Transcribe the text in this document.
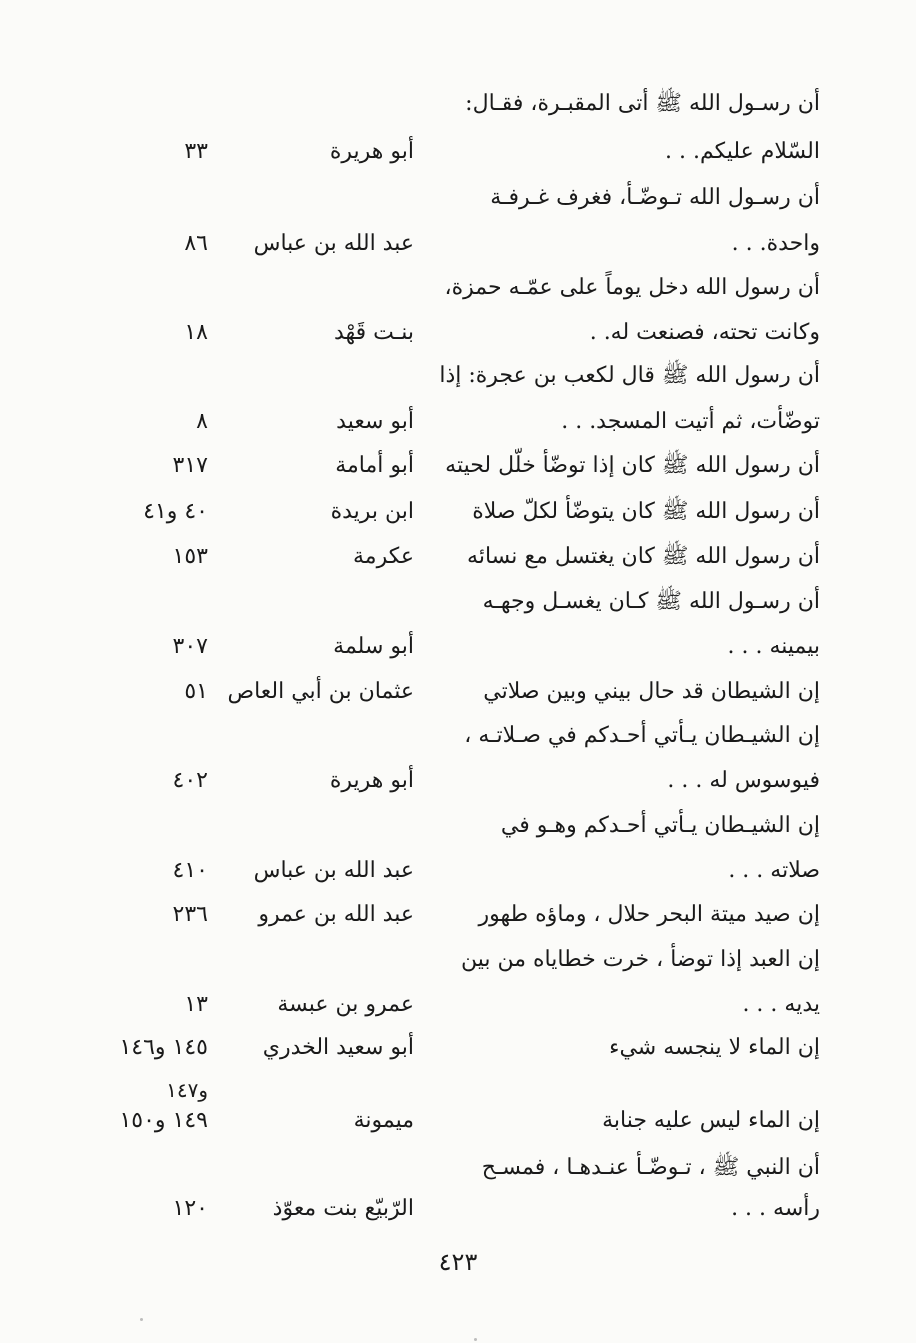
أن رسـول الله ﷺ أتى المقبـرة، فقـال:
السّلام عليكم. . .
أبو هريرة
٣٣
أن رسـول الله تـوضّـأ، فغرف غـرفـة
واحدة. . .
عبد الله بن عباس
٨٦
أن رسول الله دخل يوماً على عمّـه حمزة،
وكانت تحته، فصنعت له. .
بنـت قَهْد
١٨
أن رسول الله ﷺ قال لكعب بن عجرة: إذا
توضّأت، ثم أتيت المسجد. . .
أبو سعيد
٨
أن رسول الله ﷺ كان إذا توضّأ خلّل لحيته
أبو أمامة
٣١٧
أن رسول الله ﷺ كان يتوضّأ لكلّ صلاة
ابن بريدة
٤٠ و٤١
أن رسول الله ﷺ كان يغتسل مع نسائه
عكرمة
١٥٣
أن رسـول الله ﷺ كـان يغسـل وجهـه
بيمينه . . .
أبو سلمة
٣٠٧
إن الشيطان قد حال بيني وبين صلاتي
عثمان بن أبي العاص
٥١
إن الشيـطان يـأتي أحـدكم في صـلاتـه ،
فيوسوس له . . .
أبو هريرة
٤٠٢
إن الشيـطان يـأتي أحـدكم وهـو في
صلاته . . .
عبد الله بن عباس
٤١٠
إن صيد ميتة البحر حلال ، وماؤه طهور
عبد الله بن عمرو
٢٣٦
إن العبد إذا توضأ ، خرت خطاياه من بين
يديه . . .
عمرو بن عبسة
١٣
إن الماء لا ينجسه شيء
أبو سعيد الخدري
١٤٥ و١٤٦
و١٤٧
إن الماء ليس عليه جنابة
ميمونة
١٤٩ و١٥٠
أن النبي ﷺ ، تـوضّـأ عنـدهـا ، فمسـح
رأسه . . .
الرّبيّع بنت معوّذ
١٢٠
٤٢٣
